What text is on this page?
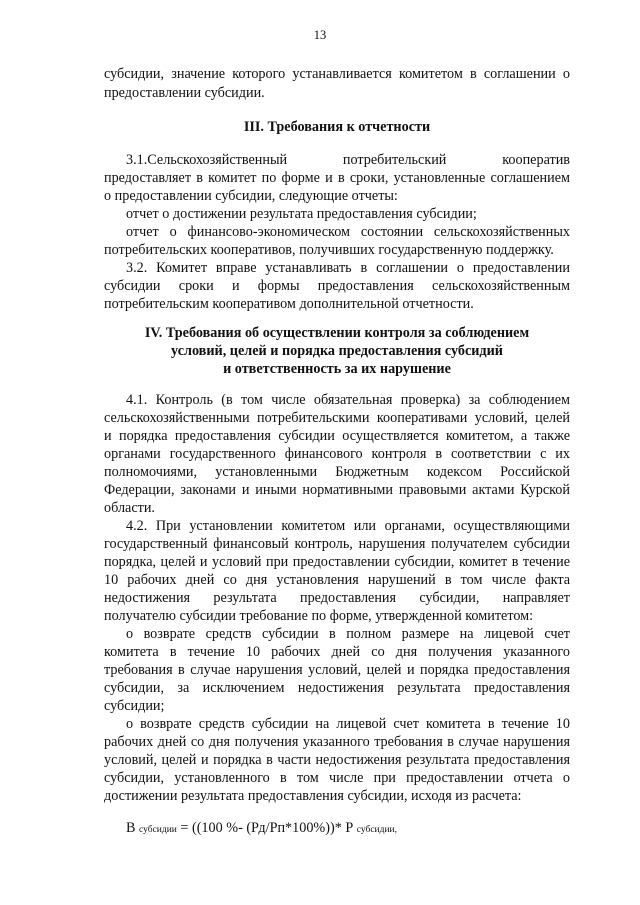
13
субсидии, значение которого устанавливается комитетом в соглашении о
предоставлении субсидии.
III. Требования к отчетности
3.1.Сельскохозяйственный потребительский кооператив
предоставляет в комитет по форме и в сроки, установленные соглашением
о предоставлении субсидии, следующие отчеты:
отчет о достижении результата предоставления субсидии;
отчет о финансово-экономическом состоянии сельскохозяйственных
потребительских кооперативов, получивших государственную поддержку.
3.2. Комитет вправе устанавливать в соглашении о предоставлении
субсидии сроки и формы предоставления сельскохозяйственным
потребительским кооперативом дополнительной отчетности.
IV. Требования об осуществлении контроля за соблюдением
условий, целей и порядка предоставления субсидий
и ответственность за их нарушение
4.1. Контроль (в том числе обязательная проверка) за соблюдением
сельскохозяйственными потребительскими кооперативами условий, целей
и порядка предоставления субсидии осуществляется комитетом, а также
органами государственного финансового контроля в соответствии с их
полномочиями, установленными Бюджетным кодексом Российской
Федерации, законами и иными нормативными правовыми актами Курской
области.
4.2. При установлении комитетом или органами, осуществляющими
государственный финансовый контроль, нарушения получателем субсидии
порядка, целей и условий при предоставлении субсидии, комитет в течение
10 рабочих дней со дня установления нарушений в том числе факта
недостижения результата предоставления субсидии, направляет
получателю субсидии требование по форме, утвержденной комитетом:
о возврате средств субсидии в полном размере на лицевой счет
комитета в течение 10 рабочих дней со дня получения указанного
требования в случае нарушения условий, целей и порядка предоставления
субсидии, за исключением недостижения результата предоставления
субсидии;
о возврате средств субсидии на лицевой счет комитета в течение 10
рабочих дней со дня получения указанного требования в случае нарушения
условий, целей и порядка в части недостижения результата предоставления
субсидии, установленного в том числе при предоставлении отчета о
достижении результата предоставления субсидии, исходя из расчета:
В субсидии = ((100 %- (Рд/Рп*100%))* Р субсидии,
